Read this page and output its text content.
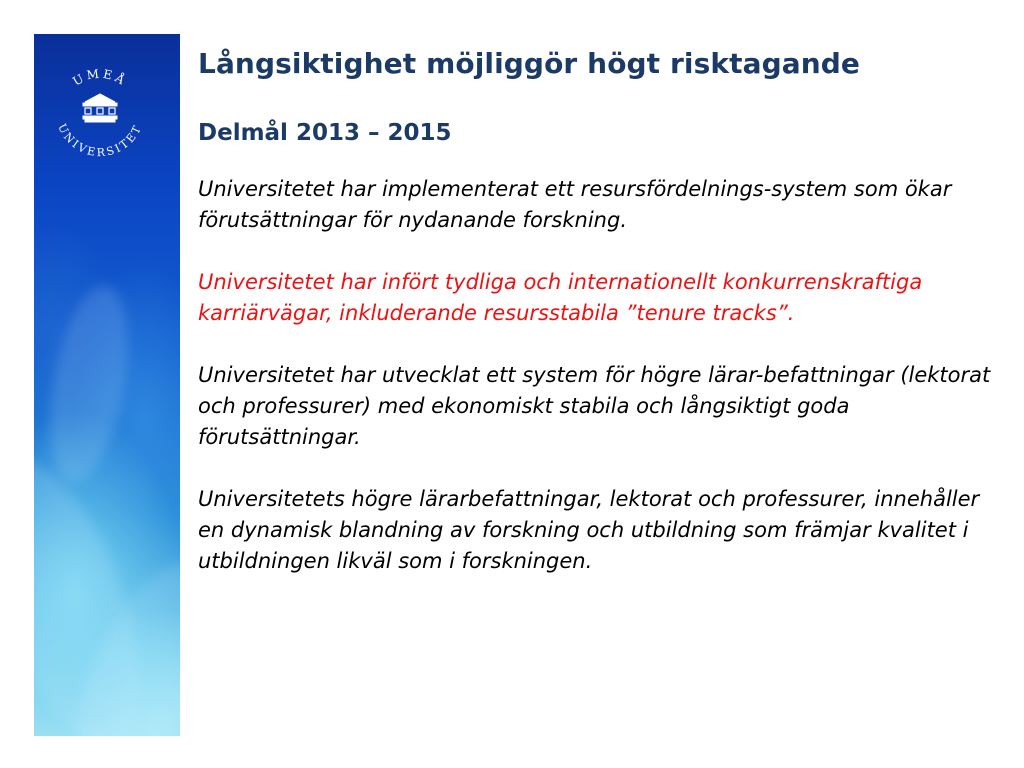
UMEÅ
UNIVERSITET
Långsiktighet möjliggör högt risktagande
Delmål 2013 – 2015

Universitetet har implementerat ett resursfördelnings-system som ökar förutsättningar för nydanande forskning.

Universitetet har infört tydliga och internationellt konkurrenskraftiga karriärvägar, inkluderande resursstabila ”tenure tracks”.

Universitetet har utvecklat ett system för högre lärar-befattningar (lektorat och professurer) med ekonomiskt stabila och långsiktigt goda förutsättningar.

Universitetets högre lärarbefattningar, lektorat och professurer, innehåller en dynamisk blandning av forskning och utbildning som främjar kvalitet i utbildningen likväl som i forskningen.
